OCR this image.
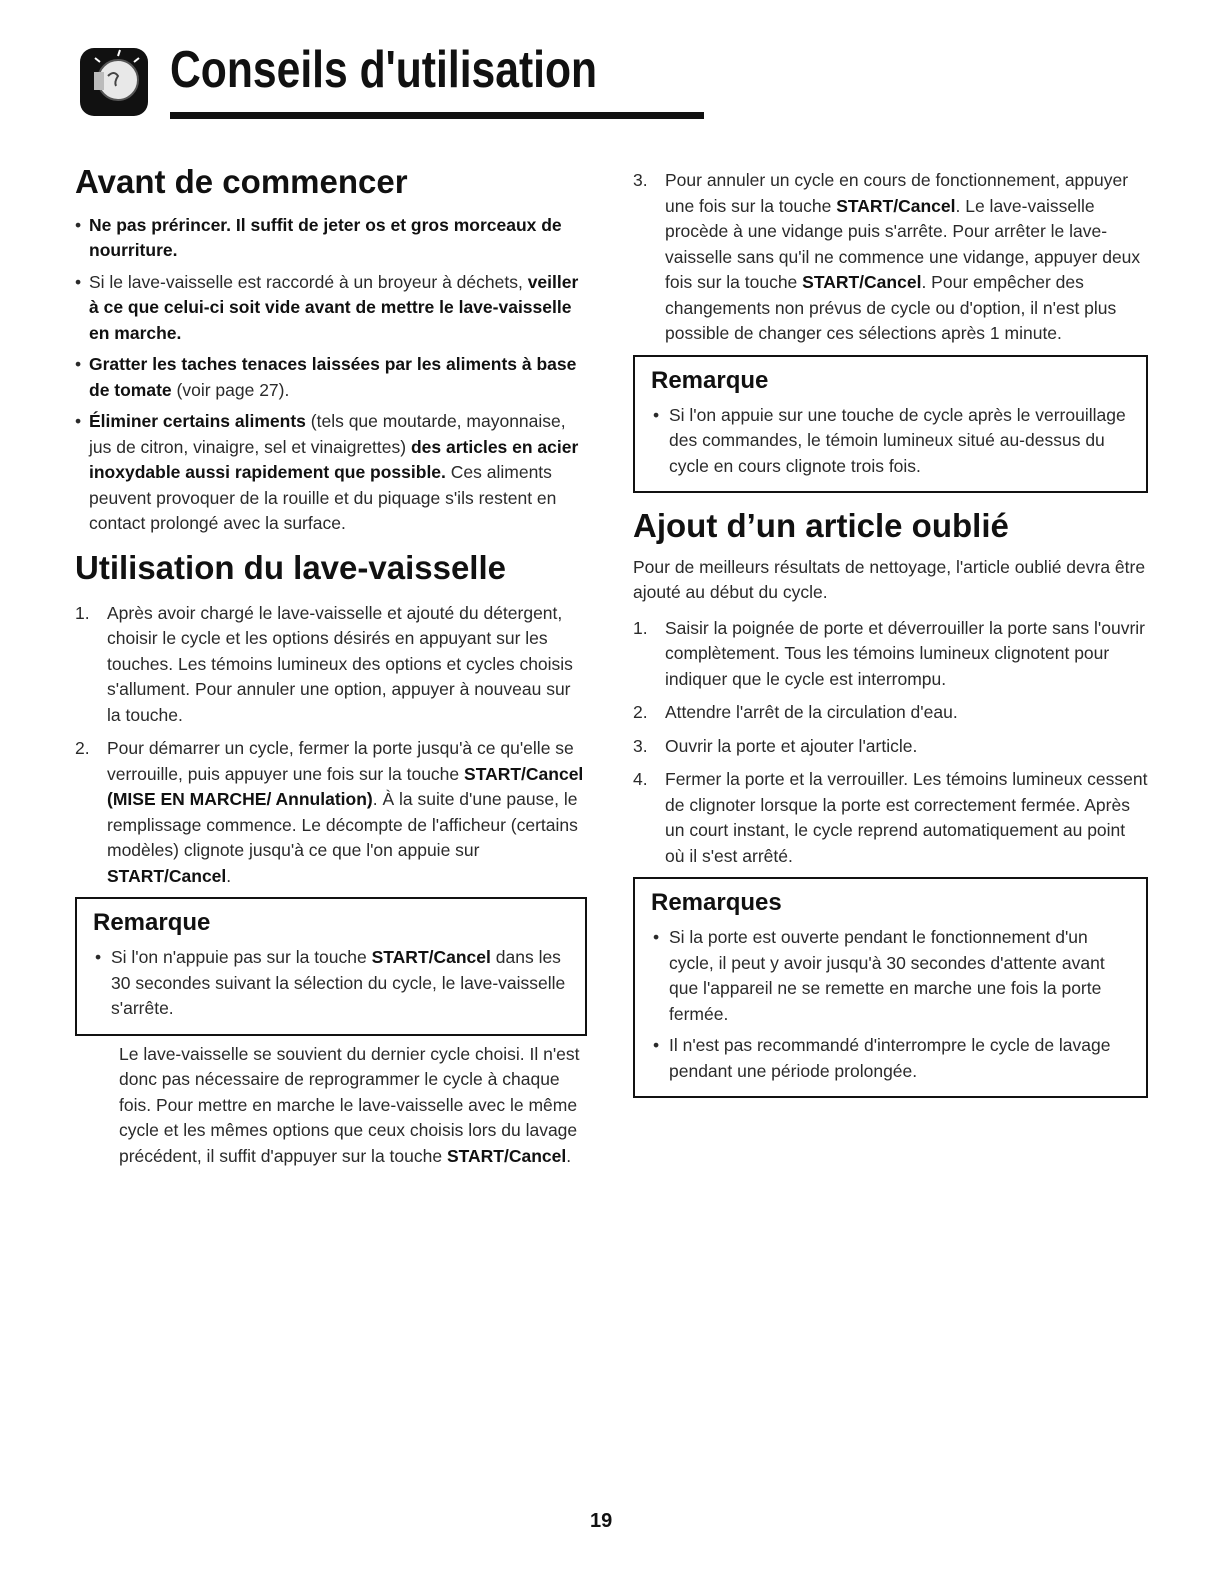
Conseils d'utilisation
Avant de commencer
• Ne pas prérincer. Il suffit de jeter os et gros morceaux de nourriture.
• Si le lave-vaisselle est raccordé à un broyeur à déchets, veiller à ce que celui-ci soit vide avant de mettre le lave-vaisselle en marche.
• Gratter les taches tenaces laissées par les aliments à base de tomate (voir page 27).
• Éliminer certains aliments (tels que moutarde, mayonnaise, jus de citron, vinaigre, sel et vinaigrettes) des articles en acier inoxydable aussi rapidement que possible. Ces aliments peuvent provoquer de la rouille et du piquage s'ils restent en contact prolongé avec la surface.
Utilisation du lave-vaisselle
1. Après avoir chargé le lave-vaisselle et ajouté du détergent, choisir le cycle et les options désirés en appuyant sur les touches. Les témoins lumineux des options et cycles choisis s'allument. Pour annuler une option, appuyer à nouveau sur la touche.
2. Pour démarrer un cycle, fermer la porte jusqu'à ce qu'elle se verrouille, puis appuyer une fois sur la touche START/Cancel (MISE EN MARCHE/ Annulation). À la suite d'une pause, le remplissage commence. Le décompte de l'afficheur (certains modèles) clignote jusqu'à ce que l'on appuie sur START/Cancel.
Remarque
• Si l'on n'appuie pas sur la touche START/Cancel dans les 30 secondes suivant la sélection du cycle, le lave-vaisselle s'arrête.
Le lave-vaisselle se souvient du dernier cycle choisi. Il n'est donc pas nécessaire de reprogrammer le cycle à chaque fois. Pour mettre en marche le lave-vaisselle avec le même cycle et les mêmes options que ceux choisis lors du lavage précédent, il suffit d'appuyer sur la touche START/Cancel.
3. Pour annuler un cycle en cours de fonctionnement, appuyer une fois sur la touche START/Cancel. Le lave-vaisselle procède à une vidange puis s'arrête. Pour arrêter le lave-vaisselle sans qu'il ne commence une vidange, appuyer deux fois sur la touche START/Cancel. Pour empêcher des changements non prévus de cycle ou d'option, il n'est plus possible de changer ces sélections après 1 minute.
Remarque
• Si l'on appuie sur une touche de cycle après le verrouillage des commandes, le témoin lumineux situé au-dessus du cycle en cours clignote trois fois.
Ajout d’un article oublié
Pour de meilleurs résultats de nettoyage, l'article oublié devra être ajouté au début du cycle.
1. Saisir la poignée de porte et déverrouiller la porte sans l'ouvrir complètement. Tous les témoins lumineux clignotent pour indiquer que le cycle est interrompu.
2. Attendre l'arrêt de la circulation d'eau.
3. Ouvrir la porte et ajouter l'article.
4. Fermer la porte et la verrouiller. Les témoins lumineux cessent de clignoter lorsque la porte est correctement fermée. Après un court instant, le cycle reprend automatiquement au point où il s'est arrêté.
Remarques
• Si la porte est ouverte pendant le fonctionnement d'un cycle, il peut y avoir jusqu'à 30 secondes d'attente avant que l'appareil ne se remette en marche une fois la porte fermée.
• Il n'est pas recommandé d'interrompre le cycle de lavage pendant une période prolongée.
19
